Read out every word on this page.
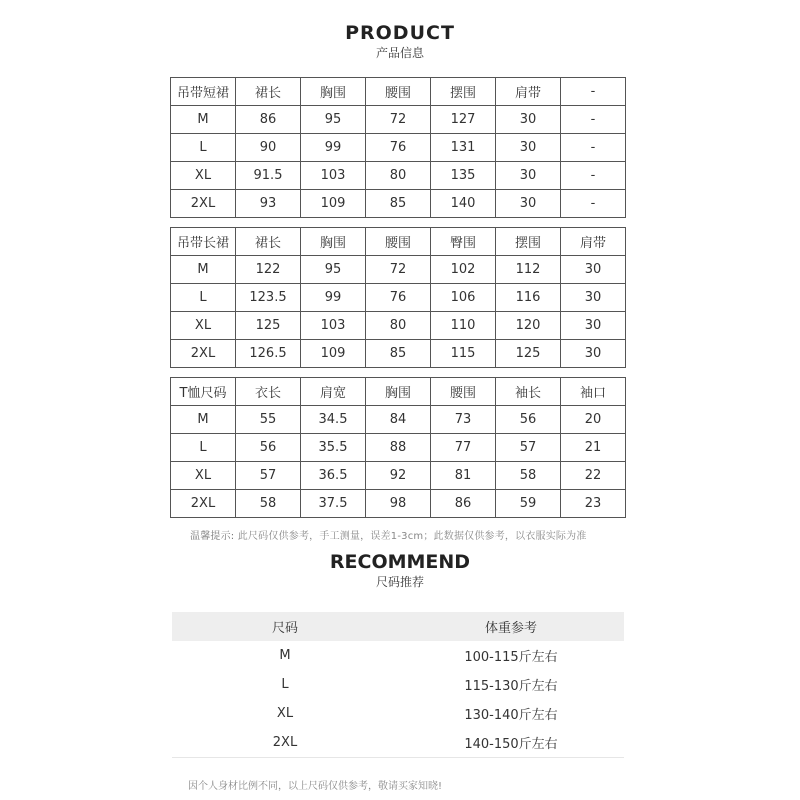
PRODUCT
产品信息
吊带短裙	裙长	胸围	腰围	摆围	肩带	-
M	86	95	72	127	30	-
L	90	99	76	131	30	-
XL	91.5	103	80	135	30	-
2XL	93	109	85	140	30	-
吊带长裙	裙长	胸围	腰围	臀围	摆围	肩带
M	122	95	72	102	112	30
L	123.5	99	76	106	116	30
XL	125	103	80	110	120	30
2XL	126.5	109	85	115	125	30
T恤尺码	衣长	肩宽	胸围	腰围	袖长	袖口
M	55	34.5	84	73	56	20
L	56	35.5	88	77	57	21
XL	57	36.5	92	81	58	22
2XL	58	37.5	98	86	59	23
温馨提示: 此尺码仅供参考，手工测量，误差1-3cm；此数据仅供参考，以衣服实际为准
RECOMMEND
尺码推荐
尺码	体重参考
M	100-115斤左右
L	115-130斤左右
XL	130-140斤左右
2XL	140-150斤左右
因个人身材比例不同，以上尺码仅供参考，敬请买家知晓!
